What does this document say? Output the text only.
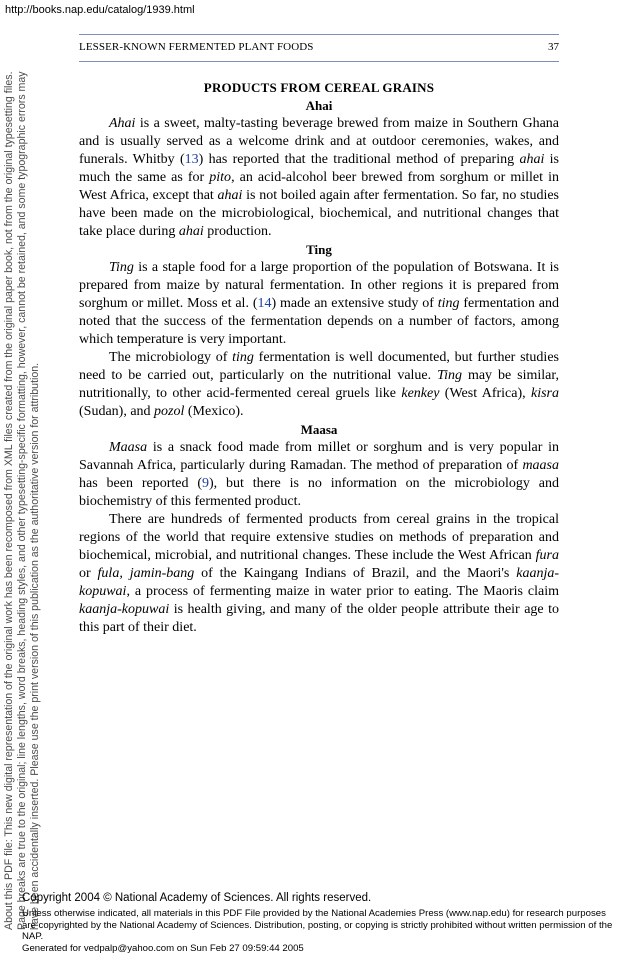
http://books.nap.edu/catalog/1939.html
About this PDF file: This new digital representation of the original work has been recomposed from XML files created from the original paper book, not from the original typesetting files. Page breaks are true to the original; line lengths, word breaks, heading styles, and other typesetting-specific formatting, however, cannot be retained, and some typographic errors may have been accidentally inserted. Please use the print version of this publication as the authoritative version for attribution.
LESSER-KNOWN FERMENTED PLANT FOODS	37
PRODUCTS FROM CEREAL GRAINS
Ahai

Ahai is a sweet, malty-tasting beverage brewed from maize in Southern Ghana and is usually served as a welcome drink and at outdoor ceremonies, wakes, and funerals. Whitby (13) has reported that the traditional method of preparing ahai is much the same as for pito, an acid-alcohol beer brewed from sorghum or millet in West Africa, except that ahai is not boiled again after fermentation. So far, no studies have been made on the microbiological, biochemical, and nutritional changes that take place during ahai production.

Ting

Ting is a staple food for a large proportion of the population of Botswana. It is prepared from maize by natural fermentation. In other regions it is prepared from sorghum or millet. Moss et al. (14) made an extensive study of ting fermentation and noted that the success of the fermentation depends on a number of factors, among which temperature is very important.

The microbiology of ting fermentation is well documented, but further studies need to be carried out, particularly on the nutritional value. Ting may be similar, nutritionally, to other acid-fermented cereal gruels like kenkey (West Africa), kisra (Sudan), and pozol (Mexico).

Maasa

Maasa is a snack food made from millet or sorghum and is very popular in Savannah Africa, particularly during Ramadan. The method of preparation of maasa has been reported (9), but there is no information on the microbiology and biochemistry of this fermented product.

There are hundreds of fermented products from cereal grains in the tropical regions of the world that require extensive studies on methods of preparation and biochemical, microbial, and nutritional changes. These include the West African fura or fula, jamin-bang of the Kaingang Indians of Brazil, and the Maori's kaanja-kopuwai, a process of fermenting maize in water prior to eating. The Maoris claim kaanja-kopuwai is health giving, and many of the older people attribute their age to this part of their diet.

Copyright 2004 © National Academy of Sciences. All rights reserved.
Unless otherwise indicated, all materials in this PDF File provided by the National Academies Press (www.nap.edu) for research purposes are copyrighted by the National Academy of Sciences. Distribution, posting, or copying is strictly prohibited without written permission of the NAP.
Generated for vedpalp@yahoo.com on Sun Feb 27 09:59:44 2005
